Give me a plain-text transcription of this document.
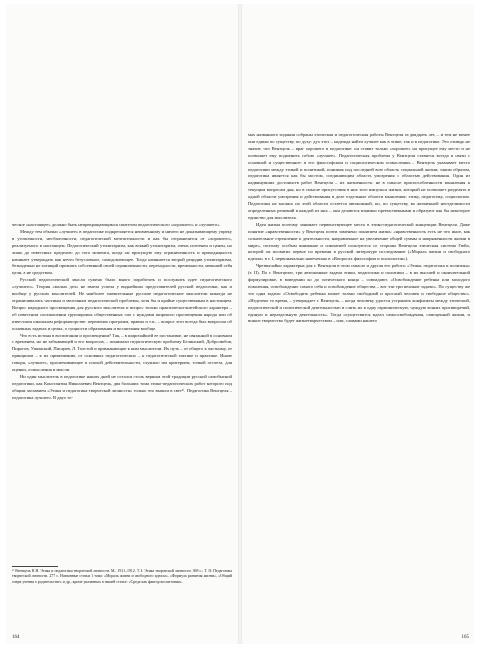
ческое «настоящее» должно быть непрекращающимся синтезом педагогического «хорошего» и «лучшего».

Между тем обычно «лучшее» в педагогике подкрепляется неизменному и ничего не доказывающему упреку в утопичности, несбыточности, педагогической мечтательности и как бы отграничится от «хорошего», реализуемого в настоящем. Педагогический утилитаризм, как всякий утилитаризм, очень почтенен и ценен, но лишь до известных пределов: до того момента, когда он присущую ему ограниченность и приходящность начинает утверждать как нечто безусловное, самодовлеющее. Тогда начинается второй рецидив утилитаризма, безнадежно не хотящий признать собственной своей ограниченности, переходности, временности, меньшей себя цели, а не средством.

Русской педагогической мысли сужено было много поработать и послужить идее педагогического «лучшего». Теория «малых дел» не имела успеха у виднейших представителей русской педагогики, как и вообще у русских мыслителей. Не наиболее значительные русские педагогические мыслители никогда не ограничивались частным и мелочным педагогической проблемы, хотя бы и крайне существенным в настоящем. Вопрос народного просвещения для русского мыслителя и вопрос только практически-житейского характера – об известном соотношении группировок общественных сил с нуждами широкого просвещения народа или об известном школьном реформаторстве: переменах программ, правил и т.п., – вопрос этот всегда был вопросом об основных задачах и целях, о сущности образования и воспитания вообще.

Что есть истина в воспитании и просвещении? Так, – в широчайшей ее постановке, не связанной в основном с временем, но не забывающей и его вопросов, – понимали педагогическую проблему Белинский, Добролюбов, Пирогов, Ушинский, Писарев, Л. Толстой и примыкающие к ним мыслители. Их путь – от общего к частному, от принципов – к их применению, от основных педагогических – к педагогической тактике и практике. Иначе говоря, «лучшее», просвечивающее в плохой действительности, служило им критерием, точкой отсчета, для оценки, осмысления и мысли.

Ни один мыслитель в педагогике наших дней не остался столь верным этой традиции русской самобытной педагогики, как Константин Николаевич Вентцель, два больших тома этико-педагогических работ которого под общим заглавием «Этика и педагогика творческой личности» только что вышли в свет¹⁾. Педагогика Вентцеля – педагогика лучшего. В двух то-

¹⁾ Вентцель К.Н. Этика и педагогика творческой личности. М., 1911–1912. Т. I: Этика творческой личности. 369 с.; Т. II: Педагогика творческой личности. 277 с. Названные статьи 1 тома: «Мораль жизни и свободного идеала», «Формула развития жизни», «Общий очерк учения о родительстве» и др., кроме указанных в нашей статье: «Среда как фактор воспитания».

164

мах названного издания собраны этическая и педагогическая работы Вентцеля за двадцать лет, – и тем не менее они едины по существу, по духу: дух этот – надежда найти лучшее как в этике, так и в педагогике. Это отнюдь не значит, что Вентцель – враг хорошего в педагогике: он ставит только «хорошее» на присущее ему место и не позволяет ему подменить собою «лучшее». Педагогическая проблема у Вентцеля ставится всегда в связи с основной и существенное: в его философском и социологическом осмыслении… Вентцель указывает место педагогики между этикой и политикой, понимая под последней всю область социальной жизни; таким образом, педагогика является как бы мостом, соединяющим область умозрения с областью действования. Один из надвинувших достоинств работ Вентцеля – их жизненность: не в смысле приспособленности мышления к текущим вопросам дня, но в смысле присутствия в них того импульса жизни, который не позволяет разделять в одной области умозрения и действования в деле отдельные области мышления: этику, педагогику, социологию. Педагогика не касаясь их этой области остается автономной, но, по существу, во жизненной неотделимости определенных решений в каждой из них – они делаются взаимно преемственными и образуют как бы некоторое единство для мыслителя.

Идея жизни поэтому занимает первенствующее место в этико-педагогической концепции Вентцеля. Даже понятие «нравственности» у Вентцеля почти заменено понятием жизнь: «нравственность есть не что иное, как сознательное стремление к деятельности, направленное на увеличение общей суммы и напряженности жизни в мире», поэтому особым внимание и симпатией пользуются со стороны Вентцеля этическая система Гюйо, которой он посвятил первое по времени в русской литературе исследование («Мораль жизни и свободного идеала» в т. I, первоначально напечатано в «Вопросах философии и психологии»).

Чрезвычайно характерна для г. Вентцеля в этом смысле и другая его работа: «Этика, педагогика и политика» (т. II). По г. Вентцелю, три автономные задачи этики, педагогики и политики – в их высшей и окончательной формулировке, в воведении ко до эотического конца – совпадают. «Освобождение ребенка или молодого поколения, освобождение самого себя и освобождение общества – вот эти три великие задачи». По существу же это одна задача: «Освободить ребенка может только свободный и прослый человек и свободное общество». «Неделеко то время, – утверждает г. Вентцель, – когда человеку удастся устранить конфликты между этической, педагогической и политической деятельностью и слить их в одну гармоническую, чуждую всяких противоречий, единую и нераздельную деятельность». Тогда осуществится идеал самоосвобождения, самоценной жизни, и всякое творчество будет жизнетворчеством – или, словами нашего

165
